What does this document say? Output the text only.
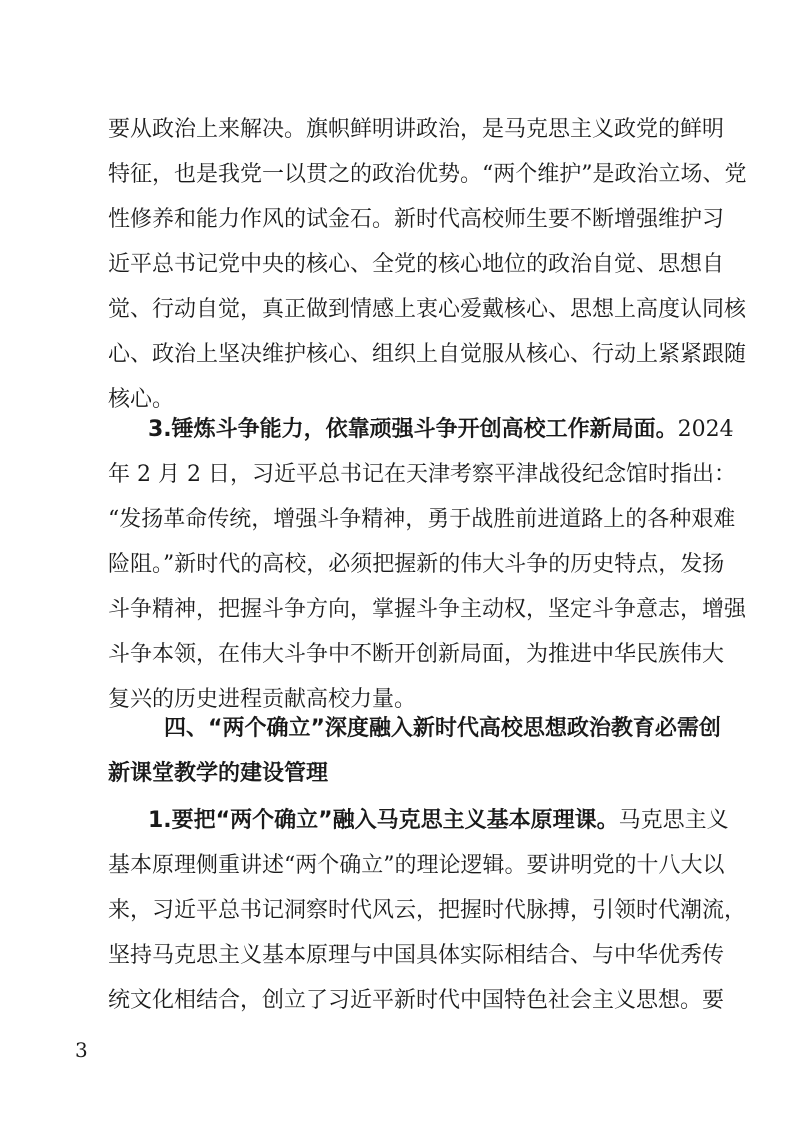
要从政治上来解决。旗帜鲜明讲政治，是马克思主义政党的鲜明
特征，也是我党一以贯之的政治优势。“两个维护”是政治立场、党
性修养和能力作风的试金石。新时代高校师生要不断增强维护习
近平总书记党中央的核心、全党的核心地位的政治自觉、思想自
觉、行动自觉，真正做到情感上衷心爱戴核心、思想上高度认同核
心、政治上坚决维护核心、组织上自觉服从核心、行动上紧紧跟随
核心。
3.锤炼斗争能力，依靠顽强斗争开创高校工作新局面。2024
年 2 月 2 日，习近平总书记在天津考察平津战役纪念馆时指出：
“发扬革命传统，增强斗争精神，勇于战胜前进道路上的各种艰难
险阻。”新时代的高校，必须把握新的伟大斗争的历史特点，发扬
斗争精神，把握斗争方向，掌握斗争主动权，坚定斗争意志，增强
斗争本领，在伟大斗争中不断开创新局面，为推进中华民族伟大
复兴的历史进程贡献高校力量。
四、“两个确立”深度融入新时代高校思想政治教育必需创
新课堂教学的建设管理
1.要把“两个确立”融入马克思主义基本原理课。马克思主义
基本原理侧重讲述“两个确立”的理论逻辑。要讲明党的十八大以
来，习近平总书记洞察时代风云，把握时代脉搏，引领时代潮流，
坚持马克思主义基本原理与中国具体实际相结合、与中华优秀传
统文化相结合，创立了习近平新时代中国特色社会主义思想。要
3
